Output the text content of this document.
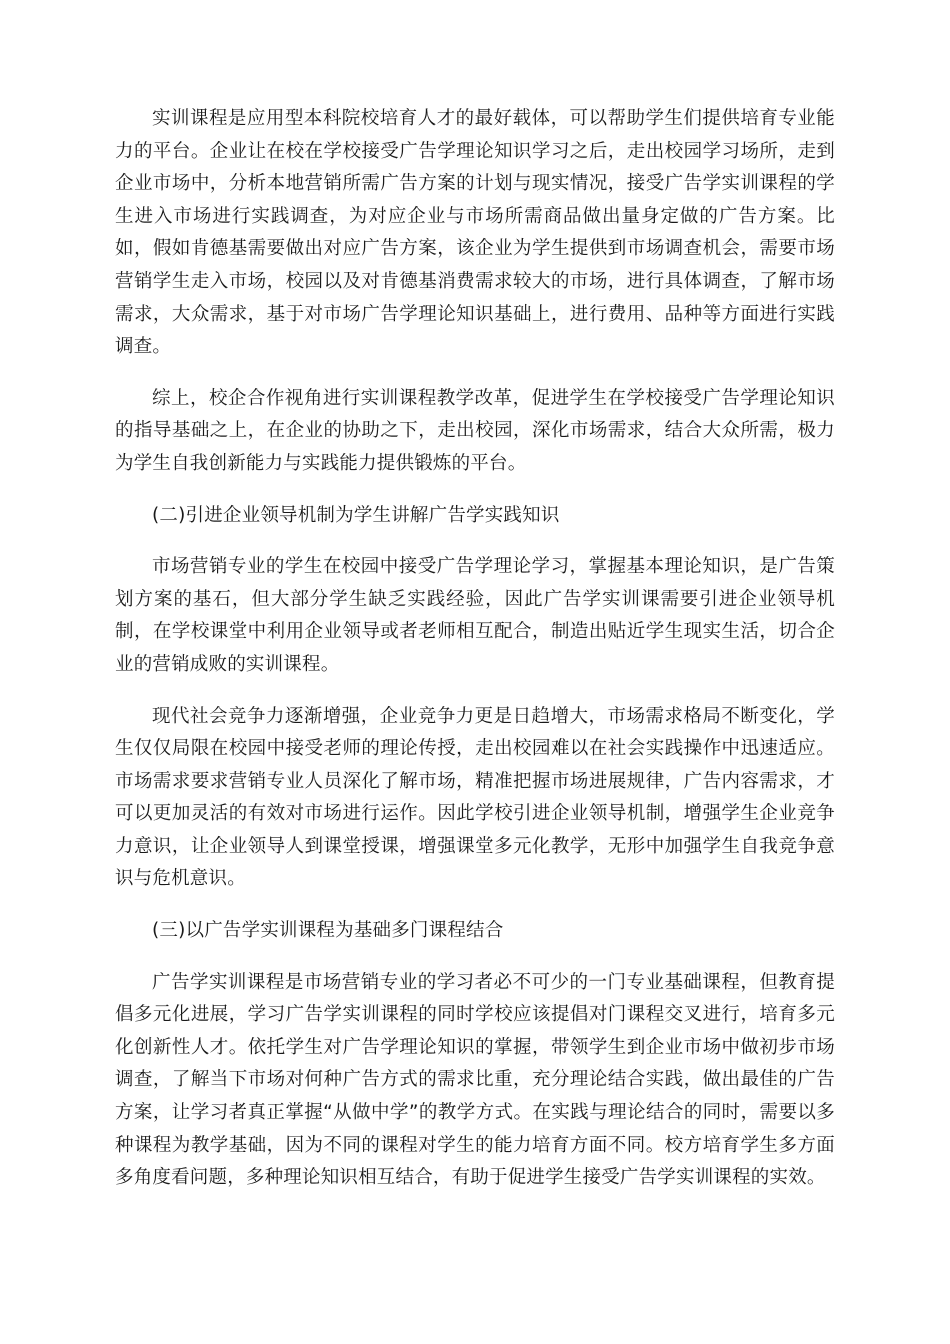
实训课程是应用型本科院校培育人才的最好载体，可以帮助学生们提供培育专业能力的平台。企业让在校在学校接受广告学理论知识学习之后，走出校园学习场所，走到企业市场中，分析本地营销所需广告方案的计划与现实情况，接受广告学实训课程的学生进入市场进行实践调查，为对应企业与市场所需商品做出量身定做的广告方案。比如，假如肯德基需要做出对应广告方案，该企业为学生提供到市场调查机会，需要市场营销学生走入市场，校园以及对肯德基消费需求较大的市场，进行具体调查，了解市场需求，大众需求，基于对市场广告学理论知识基础上，进行费用、品种等方面进行实践调查。

综上，校企合作视角进行实训课程教学改革，促进学生在学校接受广告学理论知识的指导基础之上，在企业的协助之下，走出校园，深化市场需求，结合大众所需，极力为学生自我创新能力与实践能力提供锻炼的平台。

(二)引进企业领导机制为学生讲解广告学实践知识

市场营销专业的学生在校园中接受广告学理论学习，掌握基本理论知识，是广告策划方案的基石，但大部分学生缺乏实践经验，因此广告学实训课需要引进企业领导机制，在学校课堂中利用企业领导或者老师相互配合，制造出贴近学生现实生活，切合企业的营销成败的实训课程。

现代社会竞争力逐渐增强，企业竞争力更是日趋增大，市场需求格局不断变化，学生仅仅局限在校园中接受老师的理论传授，走出校园难以在社会实践操作中迅速适应。市场需求要求营销专业人员深化了解市场，精准把握市场进展规律，广告内容需求，才可以更加灵活的有效对市场进行运作。因此学校引进企业领导机制，增强学生企业竞争力意识，让企业领导人到课堂授课，增强课堂多元化教学，无形中加强学生自我竞争意识与危机意识。

(三)以广告学实训课程为基础多门课程结合

广告学实训课程是市场营销专业的学习者必不可少的一门专业基础课程，但教育提倡多元化进展，学习广告学实训课程的同时学校应该提倡对门课程交叉进行，培育多元化创新性人才。依托学生对广告学理论知识的掌握，带领学生到企业市场中做初步市场调查，了解当下市场对何种广告方式的需求比重，充分理论结合实践，做出最佳的广告方案，让学习者真正掌握“从做中学”的教学方式。在实践与理论结合的同时，需要以多种课程为教学基础，因为不同的课程对学生的能力培育方面不同。校方培育学生多方面多角度看问题，多种理论知识相互结合，有助于促进学生接受广告学实训课程的实效。
